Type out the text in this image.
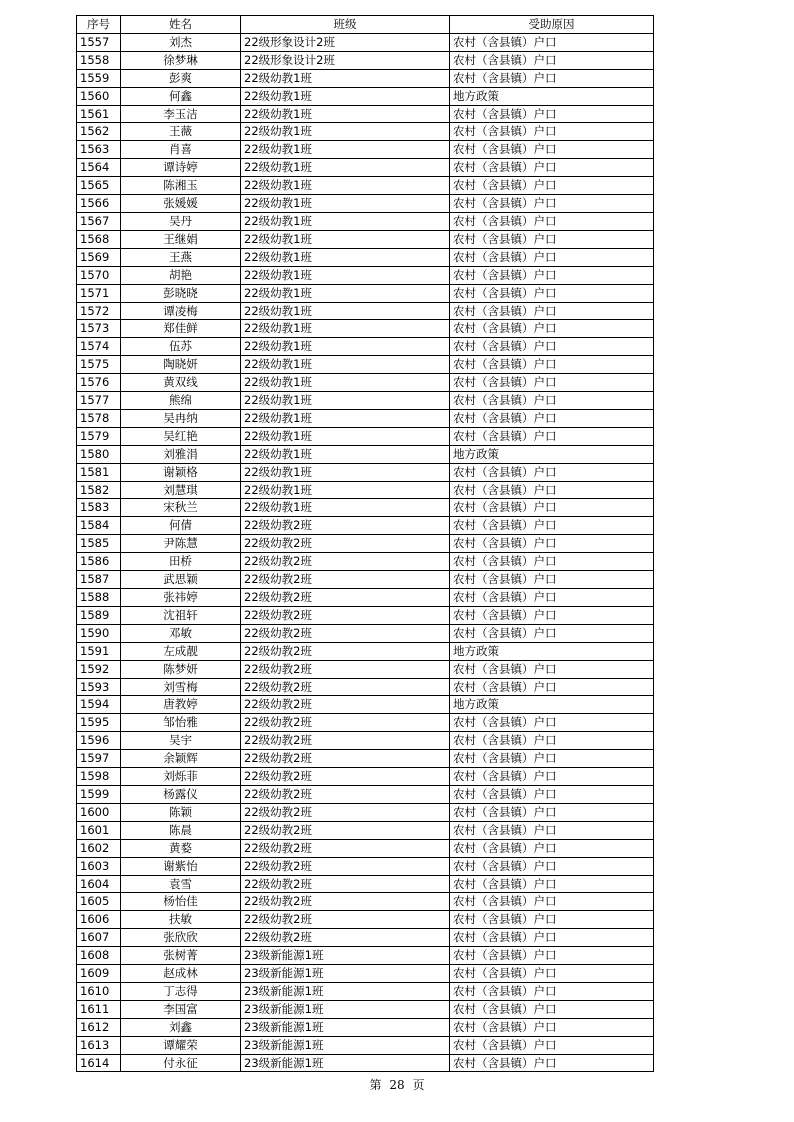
序号	姓名	班级	受助原因
1557	刘杰	22级形象设计2班	农村（含县镇）户口
1558	徐梦琳	22级形象设计2班	农村（含县镇）户口
1559	彭爽	22级幼教1班	农村（含县镇）户口
1560	何鑫	22级幼教1班	地方政策
1561	李玉洁	22级幼教1班	农村（含县镇）户口
1562	王薇	22级幼教1班	农村（含县镇）户口
1563	肖喜	22级幼教1班	农村（含县镇）户口
1564	谭诗婷	22级幼教1班	农村（含县镇）户口
1565	陈湘玉	22级幼教1班	农村（含县镇）户口
1566	张媛媛	22级幼教1班	农村（含县镇）户口
1567	吴丹	22级幼教1班	农村（含县镇）户口
1568	王继娟	22级幼教1班	农村（含县镇）户口
1569	王燕	22级幼教1班	农村（含县镇）户口
1570	胡艳	22级幼教1班	农村（含县镇）户口
1571	彭晓晓	22级幼教1班	农村（含县镇）户口
1572	谭凌梅	22级幼教1班	农村（含县镇）户口
1573	郑佳鲜	22级幼教1班	农村（含县镇）户口
1574	伍苏	22级幼教1班	农村（含县镇）户口
1575	陶晓妍	22级幼教1班	农村（含县镇）户口
1576	黄双线	22级幼教1班	农村（含县镇）户口
1577	熊绵	22级幼教1班	农村（含县镇）户口
1578	吴冉纳	22级幼教1班	农村（含县镇）户口
1579	吴红艳	22级幼教1班	农村（含县镇）户口
1580	刘雅涓	22级幼教1班	地方政策
1581	谢颖格	22级幼教1班	农村（含县镇）户口
1582	刘慧琪	22级幼教1班	农村（含县镇）户口
1583	宋秋兰	22级幼教1班	农村（含县镇）户口
1584	何倩	22级幼教2班	农村（含县镇）户口
1585	尹陈慧	22级幼教2班	农村（含县镇）户口
1586	田桥	22级幼教2班	农村（含县镇）户口
1587	武思颖	22级幼教2班	农村（含县镇）户口
1588	张祎婷	22级幼教2班	农村（含县镇）户口
1589	沈祖轩	22级幼教2班	农村（含县镇）户口
1590	邓敏	22级幼教2班	农村（含县镇）户口
1591	左成靓	22级幼教2班	地方政策
1592	陈梦妍	22级幼教2班	农村（含县镇）户口
1593	刘雪梅	22级幼教2班	农村（含县镇）户口
1594	唐教婷	22级幼教2班	地方政策
1595	邹怡雅	22级幼教2班	农村（含县镇）户口
1596	吴宇	22级幼教2班	农村（含县镇）户口
1597	余颖辉	22级幼教2班	农村（含县镇）户口
1598	刘烁菲	22级幼教2班	农村（含县镇）户口
1599	杨露仪	22级幼教2班	农村（含县镇）户口
1600	陈颖	22级幼教2班	农村（含县镇）户口
1601	陈晨	22级幼教2班	农村（含县镇）户口
1602	黄婺	22级幼教2班	农村（含县镇）户口
1603	谢紫怡	22级幼教2班	农村（含县镇）户口
1604	袁雪	22级幼教2班	农村（含县镇）户口
1605	杨怡佳	22级幼教2班	农村（含县镇）户口
1606	扶敏	22级幼教2班	农村（含县镇）户口
1607	张欣欣	22级幼教2班	农村（含县镇）户口
1608	张树菁	23级新能源1班	农村（含县镇）户口
1609	赵成林	23级新能源1班	农村（含县镇）户口
1610	丁志得	23级新能源1班	农村（含县镇）户口
1611	李国富	23级新能源1班	农村（含县镇）户口
1612	刘鑫	23级新能源1班	农村（含县镇）户口
1613	谭耀荣	23级新能源1班	农村（含县镇）户口
1614	付永征	23级新能源1班	农村（含县镇）户口
第 28 页
